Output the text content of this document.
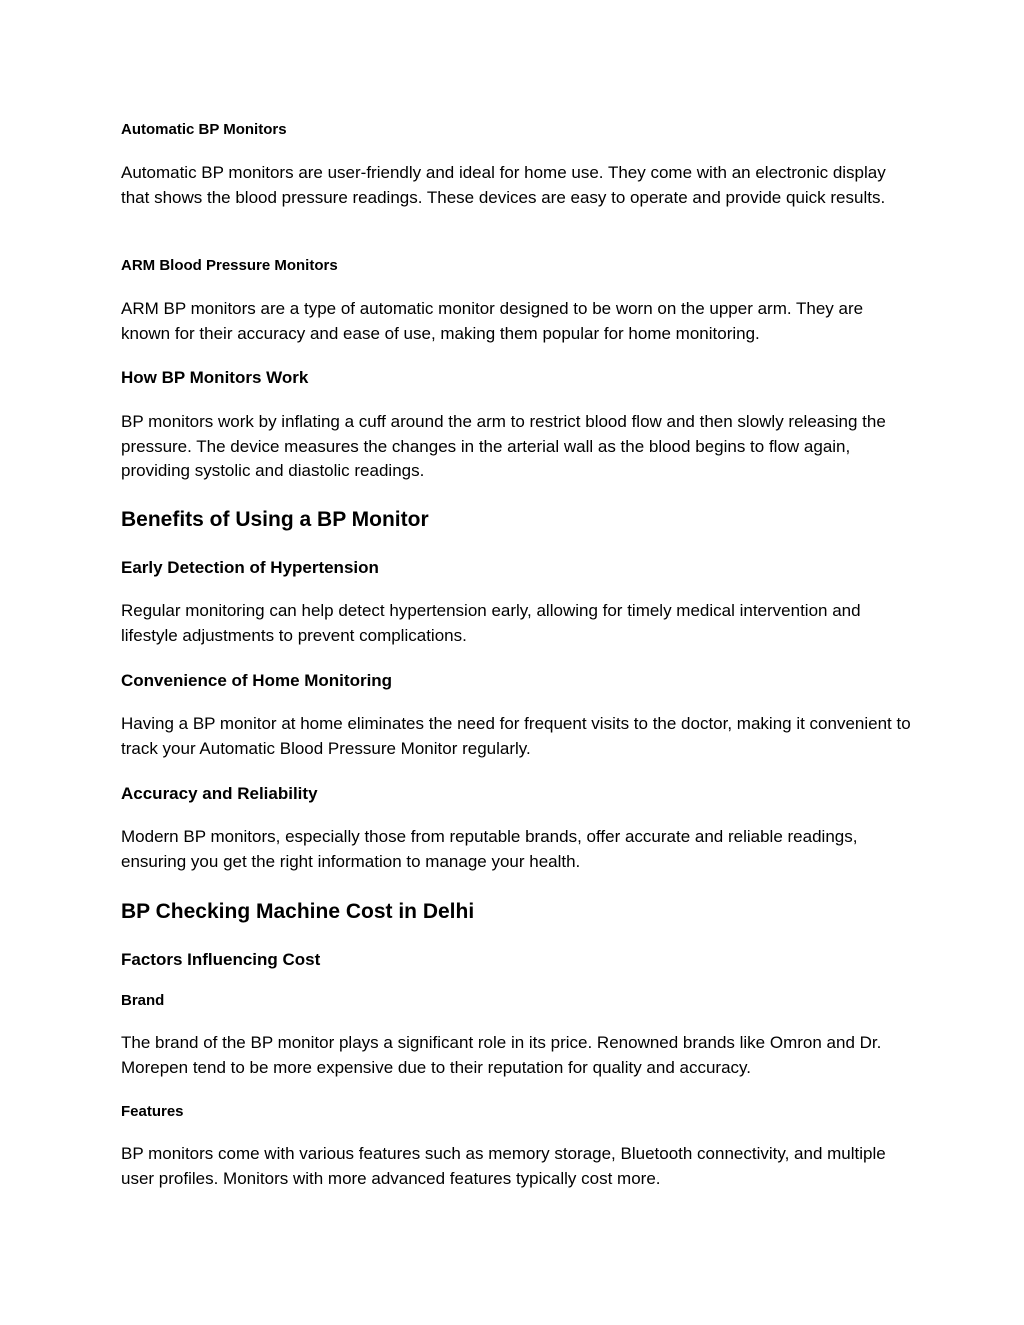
Automatic BP Monitors

Automatic BP monitors are user-friendly and ideal for home use. They come with an electronic display that shows the blood pressure readings. These devices are easy to operate and provide quick results.

ARM Blood Pressure Monitors

ARM BP monitors are a type of automatic monitor designed to be worn on the upper arm. They are known for their accuracy and ease of use, making them popular for home monitoring.

How BP Monitors Work

BP monitors work by inflating a cuff around the arm to restrict blood flow and then slowly releasing the pressure. The device measures the changes in the arterial wall as the blood begins to flow again, providing systolic and diastolic readings.

Benefits of Using a BP Monitor
Early Detection of Hypertension

Regular monitoring can help detect hypertension early, allowing for timely medical intervention and lifestyle adjustments to prevent complications.

Convenience of Home Monitoring

Having a BP monitor at home eliminates the need for frequent visits to the doctor, making it convenient to track your Automatic Blood Pressure Monitor regularly.

Accuracy and Reliability

Modern BP monitors, especially those from reputable brands, offer accurate and reliable readings, ensuring you get the right information to manage your health.

BP Checking Machine Cost in Delhi
Factors Influencing Cost
Brand

The brand of the BP monitor plays a significant role in its price. Renowned brands like Omron and Dr. Morepen tend to be more expensive due to their reputation for quality and accuracy.

Features

BP monitors come with various features such as memory storage, Bluetooth connectivity, and multiple user profiles. Monitors with more advanced features typically cost more.
